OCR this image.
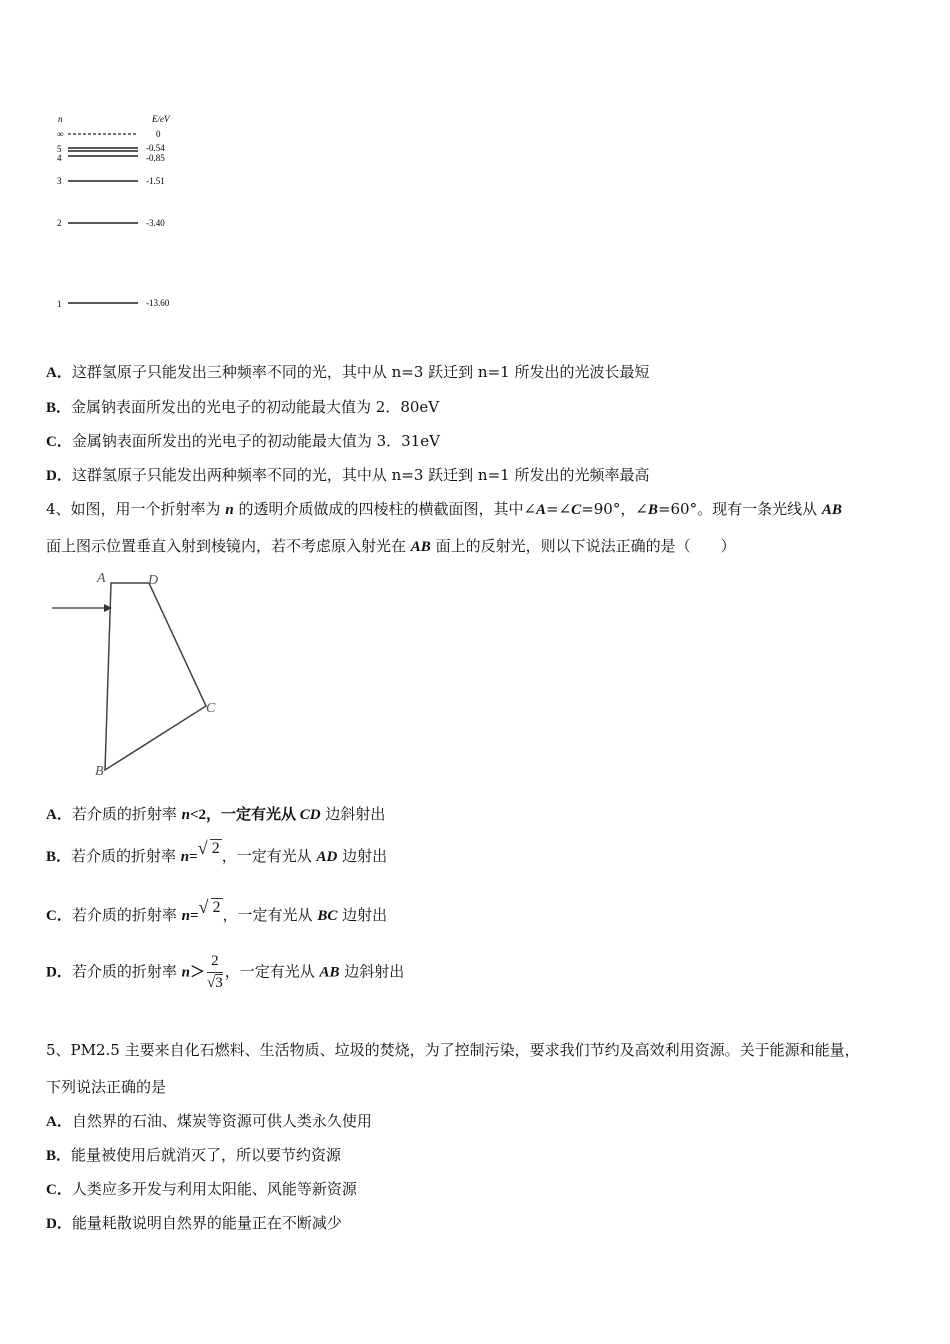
n	E/eV
∞	0
5	-0.54
4	-0.85
3	-1.51
2	-3.40
1	-13.60
A．这群氢原子只能发出三种频率不同的光，其中从 n=3 跃迁到 n=1 所发出的光波长最短
B．金属钠表面所发出的光电子的初动能最大值为 2．80eV
C．金属钠表面所发出的光电子的初动能最大值为 3．31eV
D．这群氢原子只能发出两种频率不同的光，其中从 n=3 跃迁到 n=1 所发出的光频率最高
4、如图，用一个折射率为 n 的透明介质做成的四棱柱的横截面图，其中∠A=∠C=90°，∠B=60°。现有一条光线从 AB
面上图示位置垂直入射到棱镜内，若不考虑原入射光在 AB 面上的反射光，则以下说法正确的是（　　）
A	D
C
B
A．若介质的折射率 n<2，一定有光从 CD 边斜射出
B．若介质的折射率 n= √ 2 ，一定有光从 AD 边射出
C．若介质的折射率 n= √ 2 ，一定有光从 BC 边射出
D．若介质的折射率 $n> \frac{2}{√3}$ ，一定有光从 AB 边斜射出
5、PM2.5 主要来自化石燃料、生活物质、垃圾的焚烧，为了控制污染，要求我们节约及高效利用资源。关于能源和能量，
下列说法正确的是
A．自然界的石油、煤炭等资源可供人类永久使用
B．能量被使用后就消灭了，所以要节约资源
C．人类应多开发与利用太阳能、风能等新资源
D．能量耗散说明自然界的能量正在不断减少
